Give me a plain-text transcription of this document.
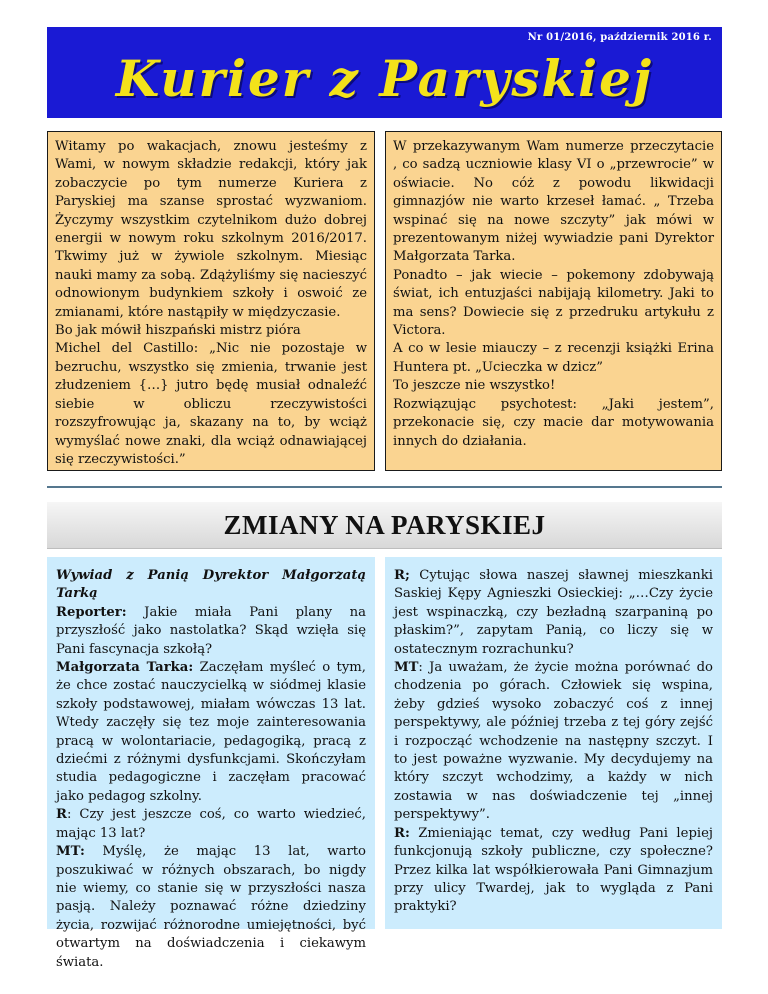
Nr 01/2016, październik 2016 r.
Kurier z Paryskiej

Witamy po wakacjach, znowu jesteśmy z Wami, w nowym składzie redakcji, który jak zobaczycie po tym numerze Kuriera z Paryskiej ma szanse sprostać wyzwaniom. Życzymy wszystkim czytelnikom dużo dobrej energii w nowym roku szkolnym 2016/2017. Tkwimy już w żywiole szkolnym. Miesiąc nauki mamy za sobą. Zdążyliśmy się nacieszyć odnowionym budynkiem szkoły i oswoić ze zmianami, które nastąpiły w międzyczasie.

Bo jak mówił hiszpański mistrz pióra

Michel del Castillo: „Nic nie pozostaje w bezruchu, wszystko się zmienia, trwanie jest złudzeniem {…} jutro będę musiał odnaleźć siebie w obliczu rzeczywistości rozszyfrowując ja, skazany na to, by wciąż wymyślać nowe znaki, dla wciąż odnawiającej się rzeczywistości.”

W przekazywanym Wam numerze przeczytacie , co sadzą uczniowie klasy VI o „przewrocie” w oświacie. No cóż z powodu likwidacji gimnazjów nie warto krzeseł łamać. „ Trzeba wspinać się na nowe szczyty” jak mówi w prezentowanym niżej wywiadzie pani Dyrektor Małgorzata Tarka.

Ponadto – jak wiecie – pokemony zdobywają świat, ich entuzjaści nabijają kilometry. Jaki to ma sens? Dowiecie się z przedruku artykułu z Victora.

A co w lesie miauczy – z recenzji książki Erina Huntera pt. „Ucieczka w dzicz”

To jeszcze nie wszystko!

Rozwiązując psychotest: „Jaki jestem”, przekonacie się, czy macie dar motywowania innych do działania.

ZMIANY NA PARYSKIEJ

Wywiad z Panią Dyrektor Małgorzatą Tarką

Reporter: Jakie miała Pani plany na przyszłość jako nastolatka? Skąd wzięła się Pani fascynacja szkołą?

Małgorzata Tarka: Zaczęłam myśleć o tym, że chce zostać nauczycielką w siódmej klasie szkoły podstawowej, miałam wówczas 13 lat. Wtedy zaczęły się tez moje zainteresowania pracą w wolontariacie, pedagogiką, pracą z dziećmi z różnymi dysfunkcjami. Skończyłam studia pedagogiczne i zaczęłam pracować jako pedagog szkolny.

R: Czy jest jeszcze coś, co warto wiedzieć, mając 13 lat?

MT: Myślę, że mając 13 lat, warto poszukiwać w różnych obszarach, bo nigdy nie wiemy, co stanie się w przyszłości nasza pasją. Należy poznawać różne dziedziny życia, rozwijać różnorodne umiejętności, być otwartym na doświadczenia i ciekawym świata.

R; Cytując słowa naszej sławnej mieszkanki Saskiej Kępy Agnieszki Osieckiej: „…Czy życie jest wspinaczką, czy bezładną szarpaniną po płaskim?”, zapytam Panią, co liczy się w ostatecznym rozrachunku?

MT: Ja uważam, że życie można porównać do chodzenia po górach. Człowiek się wspina, żeby gdzieś wysoko zobaczyć coś z innej perspektywy, ale później trzeba z tej góry zejść i rozpocząć wchodzenie na następny szczyt. I to jest poważne wyzwanie. My decydujemy na który szczyt wchodzimy, a każdy w nich zostawia w nas doświadczenie tej „innej perspektywy”.

R: Zmieniając temat, czy według Pani lepiej funkcjonują szkoły publiczne, czy społeczne? Przez kilka lat współkierowała Pani Gimnazjum przy ulicy Twardej, jak to wygląda z Pani praktyki?
